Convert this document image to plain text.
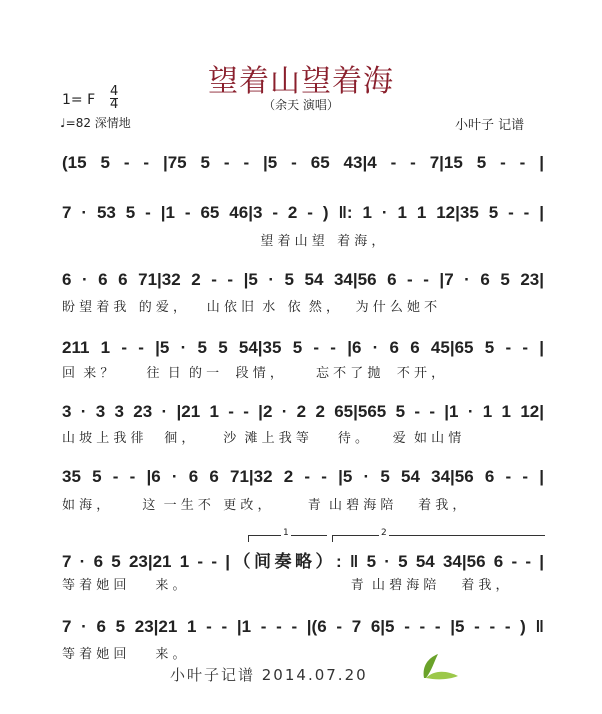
望着山望着海
（余天 演唱）
1= F $\frac{4}{4}$
♩=82 深情地	小叶子 记谱
(15 5 - - |75 5 - - |5 - 65 43|4 - - 7|15 5 - - |
7 · 53 5 - |1 - 65 46|3 - 2 - ) ‖: 1 · 1 1 12|35 5 - - |
望 着 山 望   着 海 ，
6 · 6 6 71|32 2 - - |5 · 5 54 34|56 6 - - |7 · 6 5 23|
盼 望 着 我   的 爱 ，     山 依 旧  水   依  然 ，    为 什 么 她 不
211 1 - - |5 · 5 5 54|35 5 - - |6 · 6 6 45|65 5 - - |
回  来 ？        往  日  的 一    段 情 ，        忘 不 了 抛    不 开 ，
3 · 3 3 23 · |21 1 - - |2 · 2 2 65|565 5 - - |1 · 1 1 12|
山 坡 上 我 徘     徊 ，       沙  滩 上 我 等       待 。      爱  如 山 情
35 5 - - |6 · 6 6 71|32 2 - - |5 · 5 54 34|56 6 - - |
如 海 ，        这  一 生 不   更 改 ，         青  山 碧 海 陪      着 我 ，
1	2
7 · 6 5 23|21 1 - - |（间奏略）: ‖ 5 · 5 54 34|56 6 - - |
等 着 她 回       来 。                                        青  山 碧 海 陪      着 我 ，
7 · 6 5 23|21 1 - - |1 - - - |(6 - 7 6|5 - - - |5 - - - ) ‖
等 着 她 回       来 。
小叶子记谱 2014.07.20
